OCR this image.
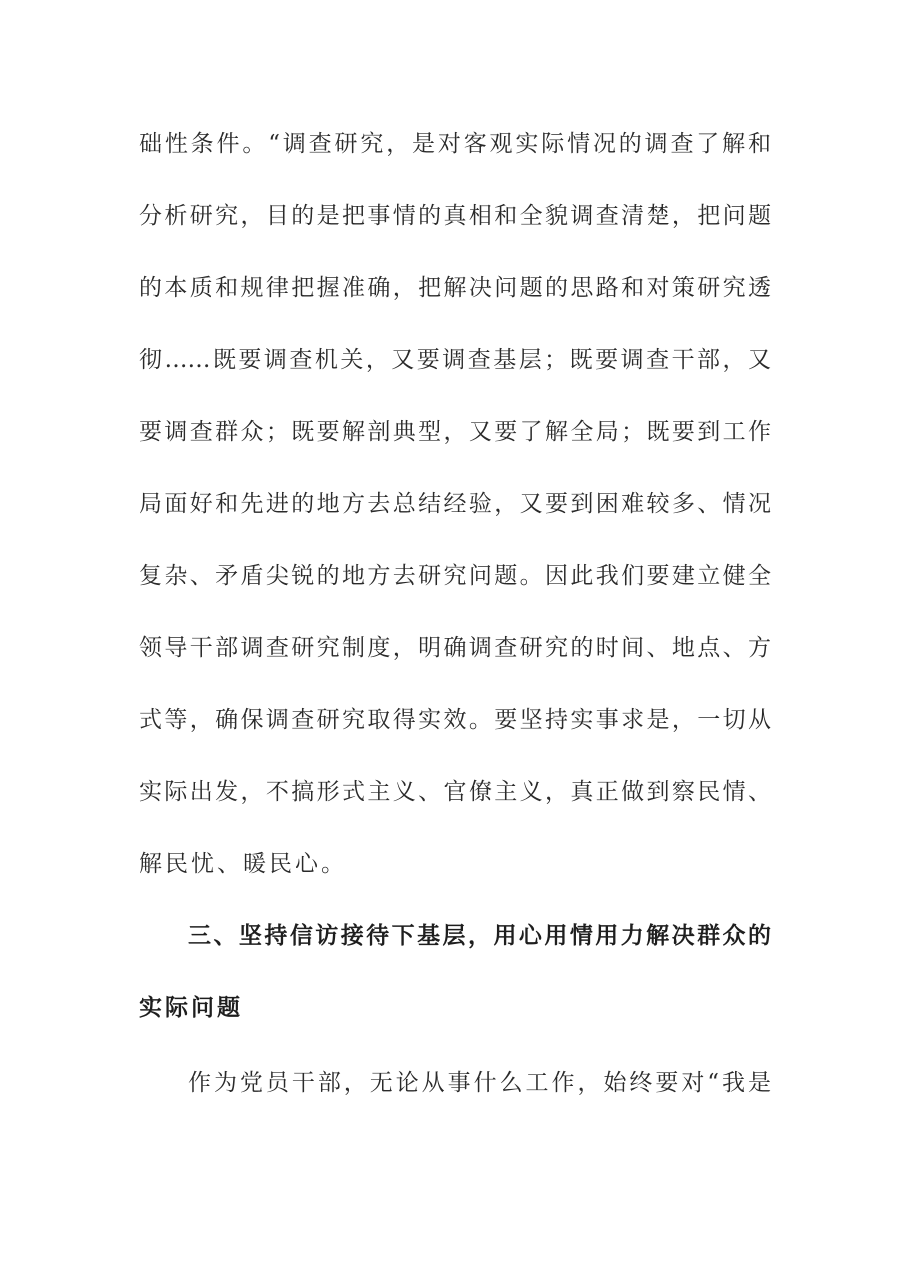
础性条件。“调查研究，是对客观实际情况的调查了解和
分析研究，目的是把事情的真相和全貌调查清楚，把问题
的本质和规律把握准确，把解决问题的思路和对策研究透
彻……既要调查机关，又要调查基层；既要调查干部，又
要调查群众；既要解剖典型，又要了解全局；既要到工作
局面好和先进的地方去总结经验，又要到困难较多、情况
复杂、矛盾尖锐的地方去研究问题。因此我们要建立健全
领导干部调查研究制度，明确调查研究的时间、地点、方
式等，确保调查研究取得实效。要坚持实事求是，一切从
实际出发，不搞形式主义、官僚主义，真正做到察民情、
解民忧、暖民心。
三、坚持信访接待下基层，用心用情用力解决群众的
实际问题
作为党员干部，无论从事什么工作，始终要对“我是
